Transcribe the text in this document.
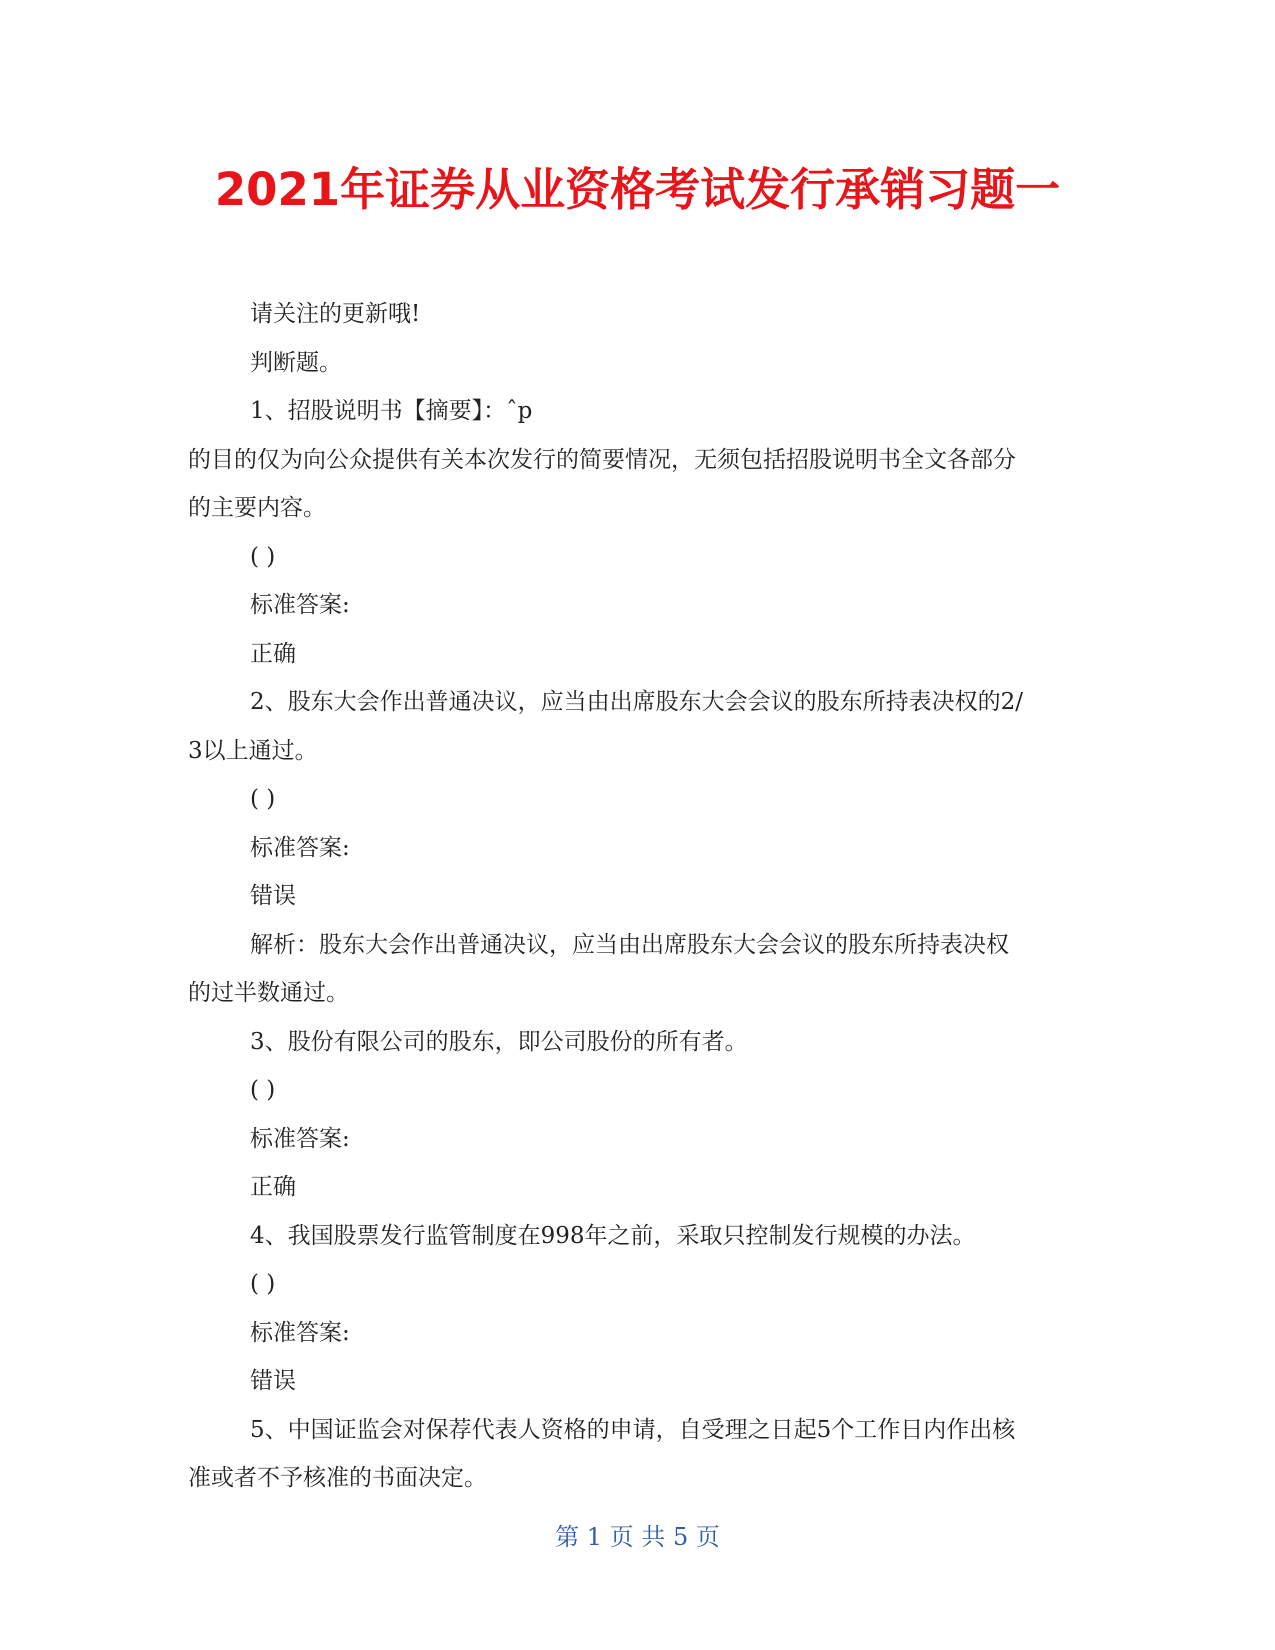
2021年证券从业资格考试发行承销习题一

请关注的更新哦!

判断题。

1、招股说明书【摘要】：ˆp

的目的仅为向公众提供有关本次发行的简要情况，无须包括招股说明书全文各部分

的主要内容。

( )

标准答案:

正确

2、股东大会作出普通决议，应当由出席股东大会会议的股东所持表决权的2/

3以上通过。

( )

标准答案:

错误

解析：股东大会作出普通决议，应当由出席股东大会会议的股东所持表决权

的过半数通过。

3、股份有限公司的股东，即公司股份的所有者。

( )

标准答案:

正确

4、我国股票发行监管制度在998年之前，采取只控制发行规模的办法。

( )

标准答案:

错误

5、中国证监会对保荐代表人资格的申请，自受理之日起5个工作日内作出核

准或者不予核准的书面决定。

第 1 页 共 5 页
